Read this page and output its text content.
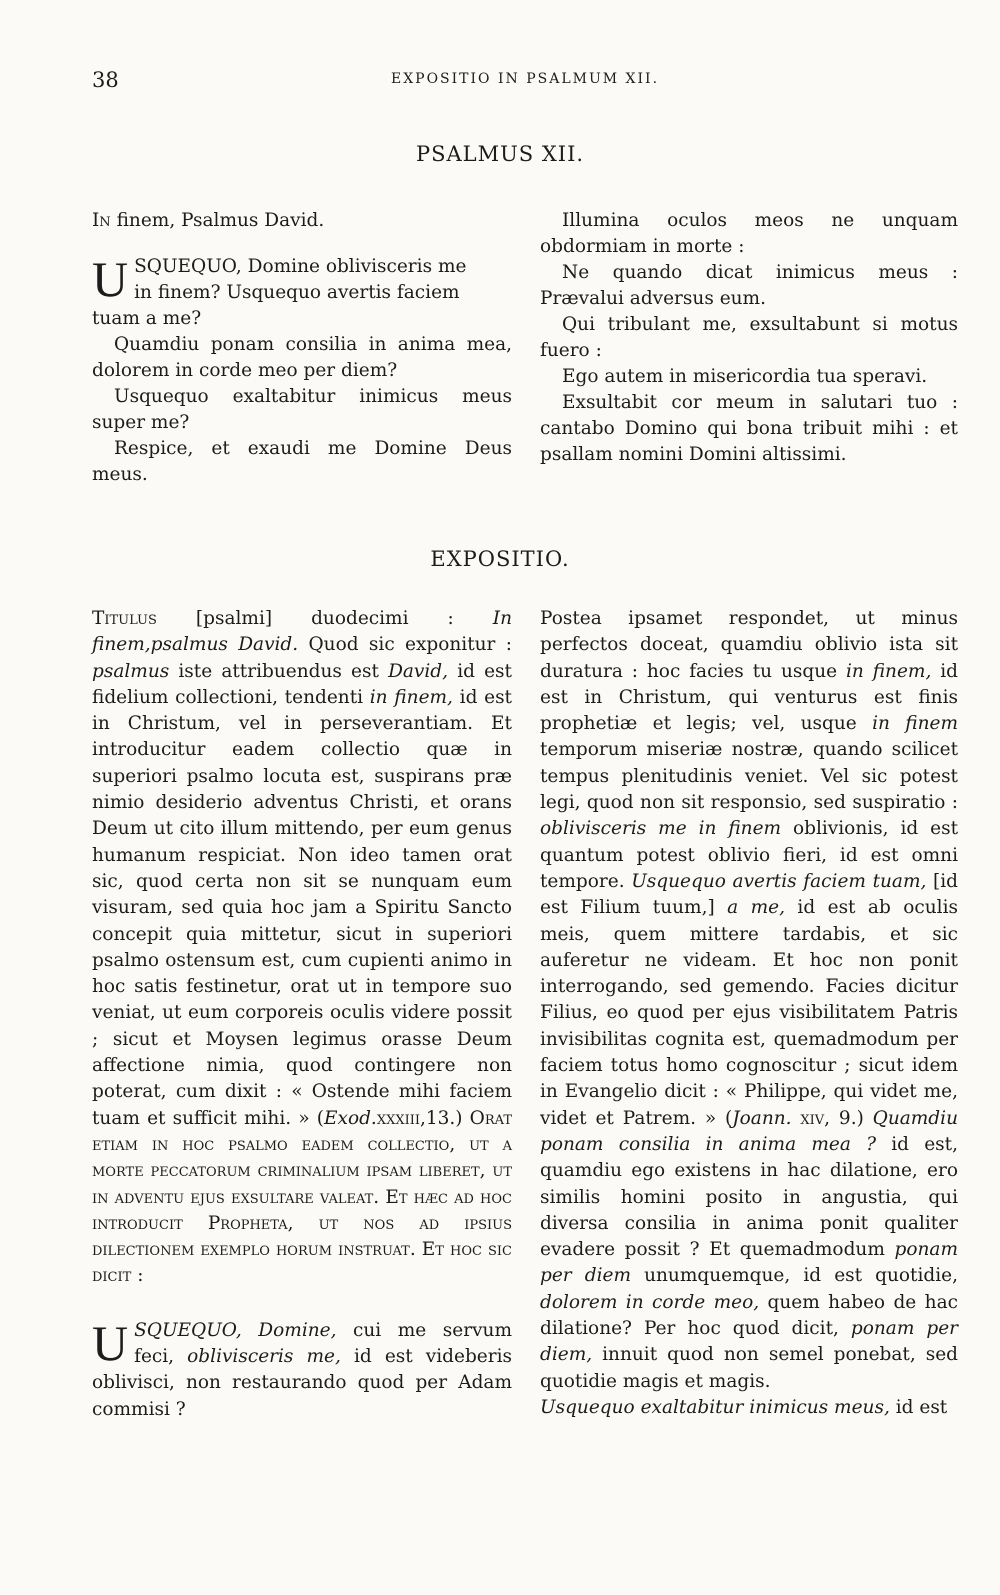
38	EXPOSITIO IN PSALMUM XII.
PSALMUS XII.

In finem, Psalmus David.

U SQUEQUO, Domine oblivisceris me

in finem? Usquequo avertis faciem

tuam a me?

Quamdiu ponam consilia in anima mea, dolorem in corde meo per diem?

Usquequo exaltabitur inimicus meus super me?

Respice, et exaudi me Domine Deus meus.

Illumina oculos meos ne unquam obdormiam in morte :

Ne quando dicat inimicus meus : Prævalui adversus eum.

Qui tribulant me, exsultabunt si motus fuero :

Ego autem in misericordia tua speravi.

Exsultabit cor meum in salutari tuo : cantabo Domino qui bona tribuit mihi : et psallam nomini Domini altissimi.

EXPOSITIO.

Titulus [psalmi] duodecimi : In finem,psalmus David. Quod sic exponitur : psalmus iste attribuendus est David, id est fidelium collectioni, tendenti in finem, id est in Christum, vel in perseverantiam. Et introducitur eadem collectio quæ in superiori psalmo locuta est, suspirans præ nimio desiderio adventus Christi, et orans Deum ut cito illum mittendo, per eum genus humanum respiciat. Non ideo tamen orat sic, quod certa non sit se nunquam eum visuram, sed quia hoc jam a Spiritu Sancto concepit quia mittetur, sicut in superiori psalmo ostensum est, cum cupienti animo in hoc satis festinetur, orat ut in tempore suo veniat, ut eum corporeis oculis videre possit ; sicut et Moysen legimus orasse Deum affectione nimia, quod contingere non poterat, cum dixit : « Ostende mihi faciem tuam et sufficit mihi. » (Exod.xxxiii,13.) Orat etiam in hoc psalmo eadem collectio, ut a morte peccatorum criminalium ipsam liberet, ut in adventu ejus exsultare valeat. Et hæc ad hoc introducit Propheta, ut nos ad ipsius dilectionem exemplo horum instruat. Et hoc sic dicit :

U SQUEQUO, Domine, cui me servum feci, oblivisceris me, id est videberis oblivisci, non restaurando quod per Adam commisi ?

Postea ipsamet respondet, ut minus perfectos doceat, quamdiu oblivio ista sit duratura : hoc facies tu usque in finem, id est in Christum, qui venturus est finis prophetiæ et legis; vel, usque in finem temporum miseriæ nostræ, quando scilicet tempus plenitudinis veniet. Vel sic potest legi, quod non sit responsio, sed suspiratio : oblivisceris me in finem oblivionis, id est quantum potest oblivio fieri, id est omni tempore. Usquequo avertis faciem tuam, [id est Filium tuum,] a me, id est ab oculis meis, quem mittere tardabis, et sic auferetur ne videam. Et hoc non ponit interrogando, sed gemendo. Facies dicitur Filius, eo quod per ejus visibilitatem Patris invisibilitas cognita est, quemadmodum per faciem totus homo cognoscitur ; sicut idem in Evangelio dicit : « Philippe, qui videt me, videt et Patrem. » (Joann. xiv, 9.) Quamdiu ponam consilia in anima mea ? id est, quamdiu ego existens in hac dilatione, ero similis homini posito in angustia, qui diversa consilia in anima ponit qualiter evadere possit ? Et quemadmodum ponam per diem unumquemque, id est quotidie, dolorem in corde meo, quem habeo de hac dilatione? Per hoc quod dicit, ponam per diem, innuit quod non semel ponebat, sed quotidie magis et magis.

Usquequo exaltabitur inimicus meus, id est
